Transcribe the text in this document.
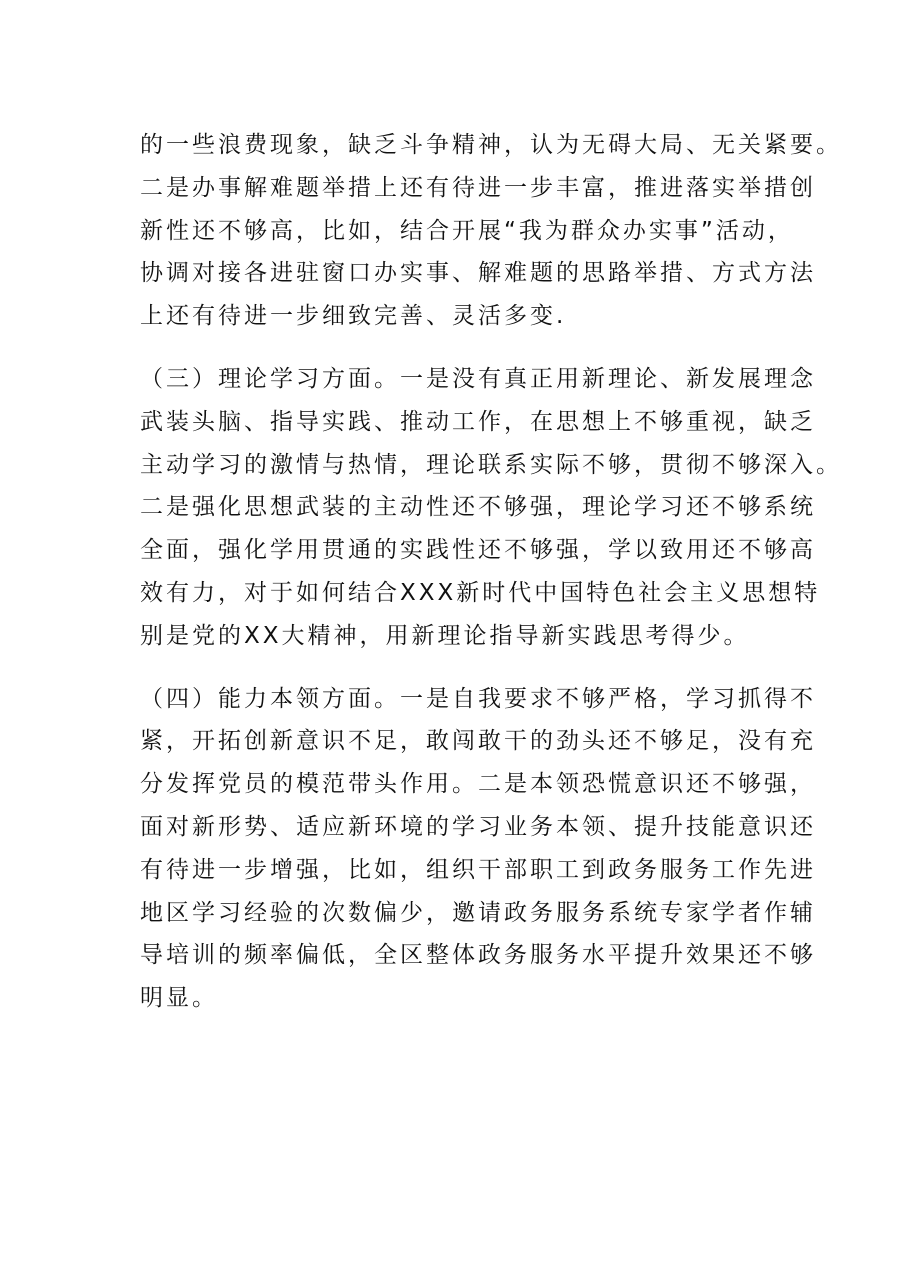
的一些浪费现象，缺乏斗争精神，认为无碍大局、无关紧要。
二是办事解难题举措上还有待进一步丰富，推进落实举措创
新性还不够高，比如，结合开展“我为群众办实事”活动，
协调对接各进驻窗口办实事、解难题的思路举措、方式方法
上还有待进一步细致完善、灵活多变.

（三）理论学习方面。一是没有真正用新理论、新发展理念
武装头脑、指导实践、推动工作，在思想上不够重视，缺乏
主动学习的激情与热情，理论联系实际不够，贯彻不够深入。
二是强化思想武装的主动性还不够强，理论学习还不够系统
全面，强化学用贯通的实践性还不够强，学以致用还不够高
效有力，对于如何结合XXX新时代中国特色社会主义思想特
别是党的XX大精神，用新理论指导新实践思考得少。

（四）能力本领方面。一是自我要求不够严格，学习抓得不
紧，开拓创新意识不足，敢闯敢干的劲头还不够足，没有充
分发挥党员的模范带头作用。二是本领恐慌意识还不够强，
面对新形势、适应新环境的学习业务本领、提升技能意识还
有待进一步增强，比如，组织干部职工到政务服务工作先进
地区学习经验的次数偏少，邀请政务服务系统专家学者作辅
导培训的频率偏低，全区整体政务服务水平提升效果还不够
明显。
